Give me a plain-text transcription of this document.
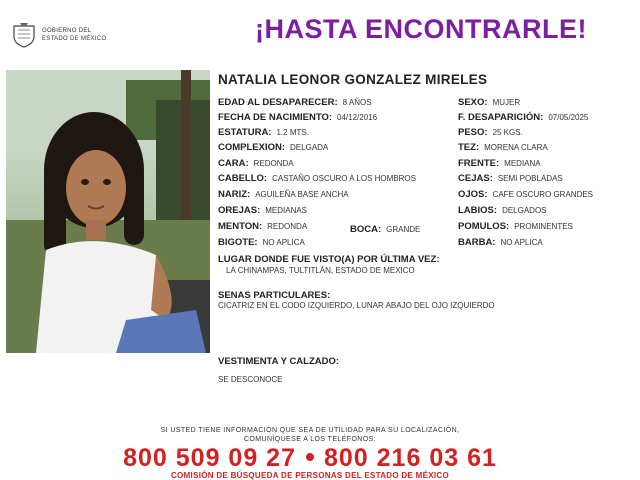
GOBIERNO DEL
ESTADO DE MÉXICO	¡HASTA ENCONTRARLE!
NATALIA LEONOR GONZALEZ MIRELES
EDAD AL DESAPARECER: 8 AÑOS
FECHA DE NACIMIENTO: 04/12/2016
ESTATURA: 1.2 MTS.
COMPLEXION: DELGADA
CARA: REDONDA
CABELLO: CASTAÑO OSCURO A LOS HOMBROS
NARIZ: AGUILEÑA BASE ANCHA
OREJAS: MEDIANAS
MENTON: REDONDA	BOCA: GRANDE
BIGOTE: NO APLICA
SEXO: MUJER
F. DESAPARICIÓN: 07/05/2025
PESO: 25 KGS.
TEZ: MORENA CLARA
FRENTE: MEDIANA
CEJAS: SEMI POBLADAS
OJOS: CAFE OSCURO GRANDES
LABIOS: DELGADOS
POMULOS: PROMINENTES
BARBA: NO APLICA
LUGAR DONDE FUE VISTO(A) POR ÚLTIMA VEZ:
LA CHINAMPAS, TULTITLÁN, ESTADO DE MEXICO
SENAS PARTICULARES:
CICATRIZ EN EL CODO IZQUIERDO, LUNAR ABAJO DEL OJO IZQUIERDO
VESTIMENTA Y CALZADO:
SE DESCONOCE
SI USTED TIENE INFORMACIÓN QUE SEA DE UTILIDAD PARA SU LOCALIZACIÓN,
COMUNÍQUESE A LOS TELÉFONOS:
800 509 09 27 800 216 03 61
COMISIÓN DE BÚSQUEDA DE PERSONAS DEL ESTADO DE MÉXICO
